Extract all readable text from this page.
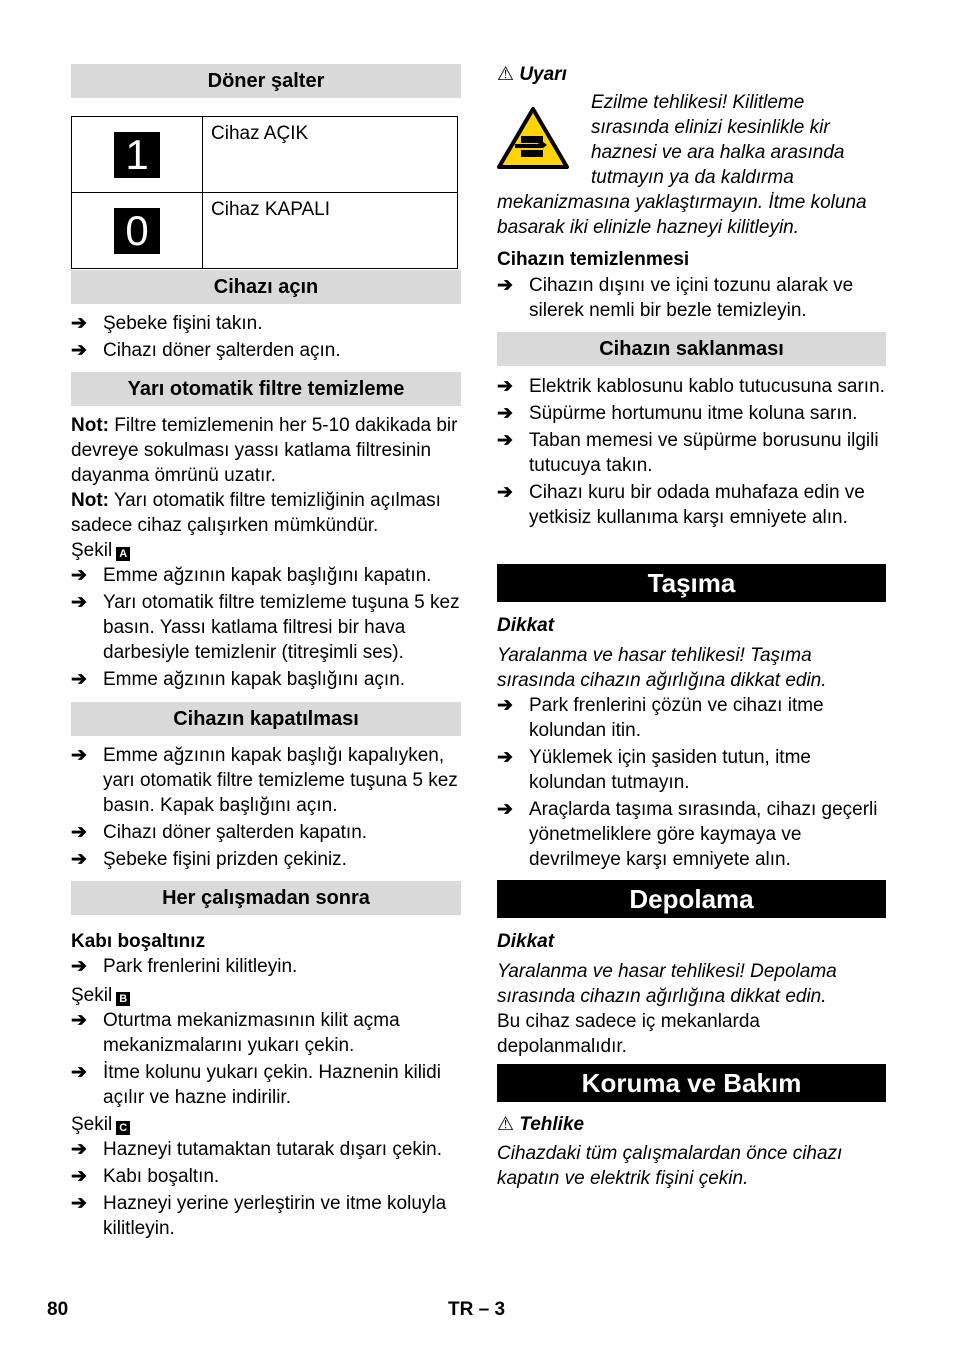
Döner şalter
1	Cihaz AÇIK
0	Cihaz KAPALI
Cihazı açın
➔ Şebeke fişini takın.
➔ Cihazı döner şalterden açın.
Yarı otomatik filtre temizleme

Not: Filtre temizlemenin her 5-10 dakikada bir devreye sokulması yassı katlama filtresinin dayanma ömrünü uzatır.

Not: Yarı otomatik filtre temizliğinin açılması sadece cihaz çalışırken mümkündür.

Şekil A

➔ Emme ağzının kapak başlığını kapatın.
➔ Yarı otomatik filtre temizleme tuşuna 5 kez basın. Yassı katlama filtresi bir hava darbesiyle temizlenir (titreşimli ses).
➔ Emme ağzının kapak başlığını açın.
Cihazın kapatılması
➔ Emme ağzının kapak başlığı kapalıyken, yarı otomatik filtre temizleme tuşuna 5 kez basın. Kapak başlığını açın.
➔ Cihazı döner şalterden kapatın.
➔ Şebeke fişini prizden çekiniz.
Her çalışmadan sonra
Kabı boşaltınız
➔ Park frenlerini kilitleyin.

Şekil B

➔ Oturtma mekanizmasının kilit açma mekanizmalarını yukarı çekin.
➔ İtme kolunu yukarı çekin. Haznenin kilidi açılır ve hazne indirilir.

Şekil C

➔ Hazneyi tutamaktan tutarak dışarı çekin.
➔ Kabı boşaltın.
➔ Hazneyi yerine yerleştirin ve itme koluyla kilitleyin.
⚠ Uyarı
Ezilme tehlikesi! Kilitleme sırasında elinizi kesinlikle kir haznesi ve ara halka arasında tutmayın ya da kaldırma mekanizmasına yaklaştırmayın. İtme koluna basarak iki elinizle hazneyi kilitleyin.
Cihazın temizlenmesi
➔ Cihazın dışını ve içini tozunu alarak ve silerek nemli bir bezle temizleyin.
Cihazın saklanması
➔ Elektrik kablosunu kablo tutucusuna sarın.
➔ Süpürme hortumunu itme koluna sarın.
➔ Taban memesi ve süpürme borusunu ilgili tutucuya takın.
➔ Cihazı kuru bir odada muhafaza edin ve yetkisiz kullanıma karşı emniyete alın.
Taşıma
Dikkat
Yaralanma ve hasar tehlikesi! Taşıma sırasında cihazın ağırlığına dikkat edin.
➔ Park frenlerini çözün ve cihazı itme kolundan itin.
➔ Yüklemek için şasiden tutun, itme kolundan tutmayın.
➔ Araçlarda taşıma sırasında, cihazı geçerli yönetmeliklere göre kaymaya ve devrilmeye karşı emniyete alın.
Depolama
Dikkat
Yaralanma ve hasar tehlikesi! Depolama sırasında cihazın ağırlığına dikkat edin.
Bu cihaz sadece iç mekanlarda depolanmalıdır.
Koruma ve Bakım
⚠ Tehlike
Cihazdaki tüm çalışmalardan önce cihazı kapatın ve elektrik fişini çekin.
80	TR – 3
